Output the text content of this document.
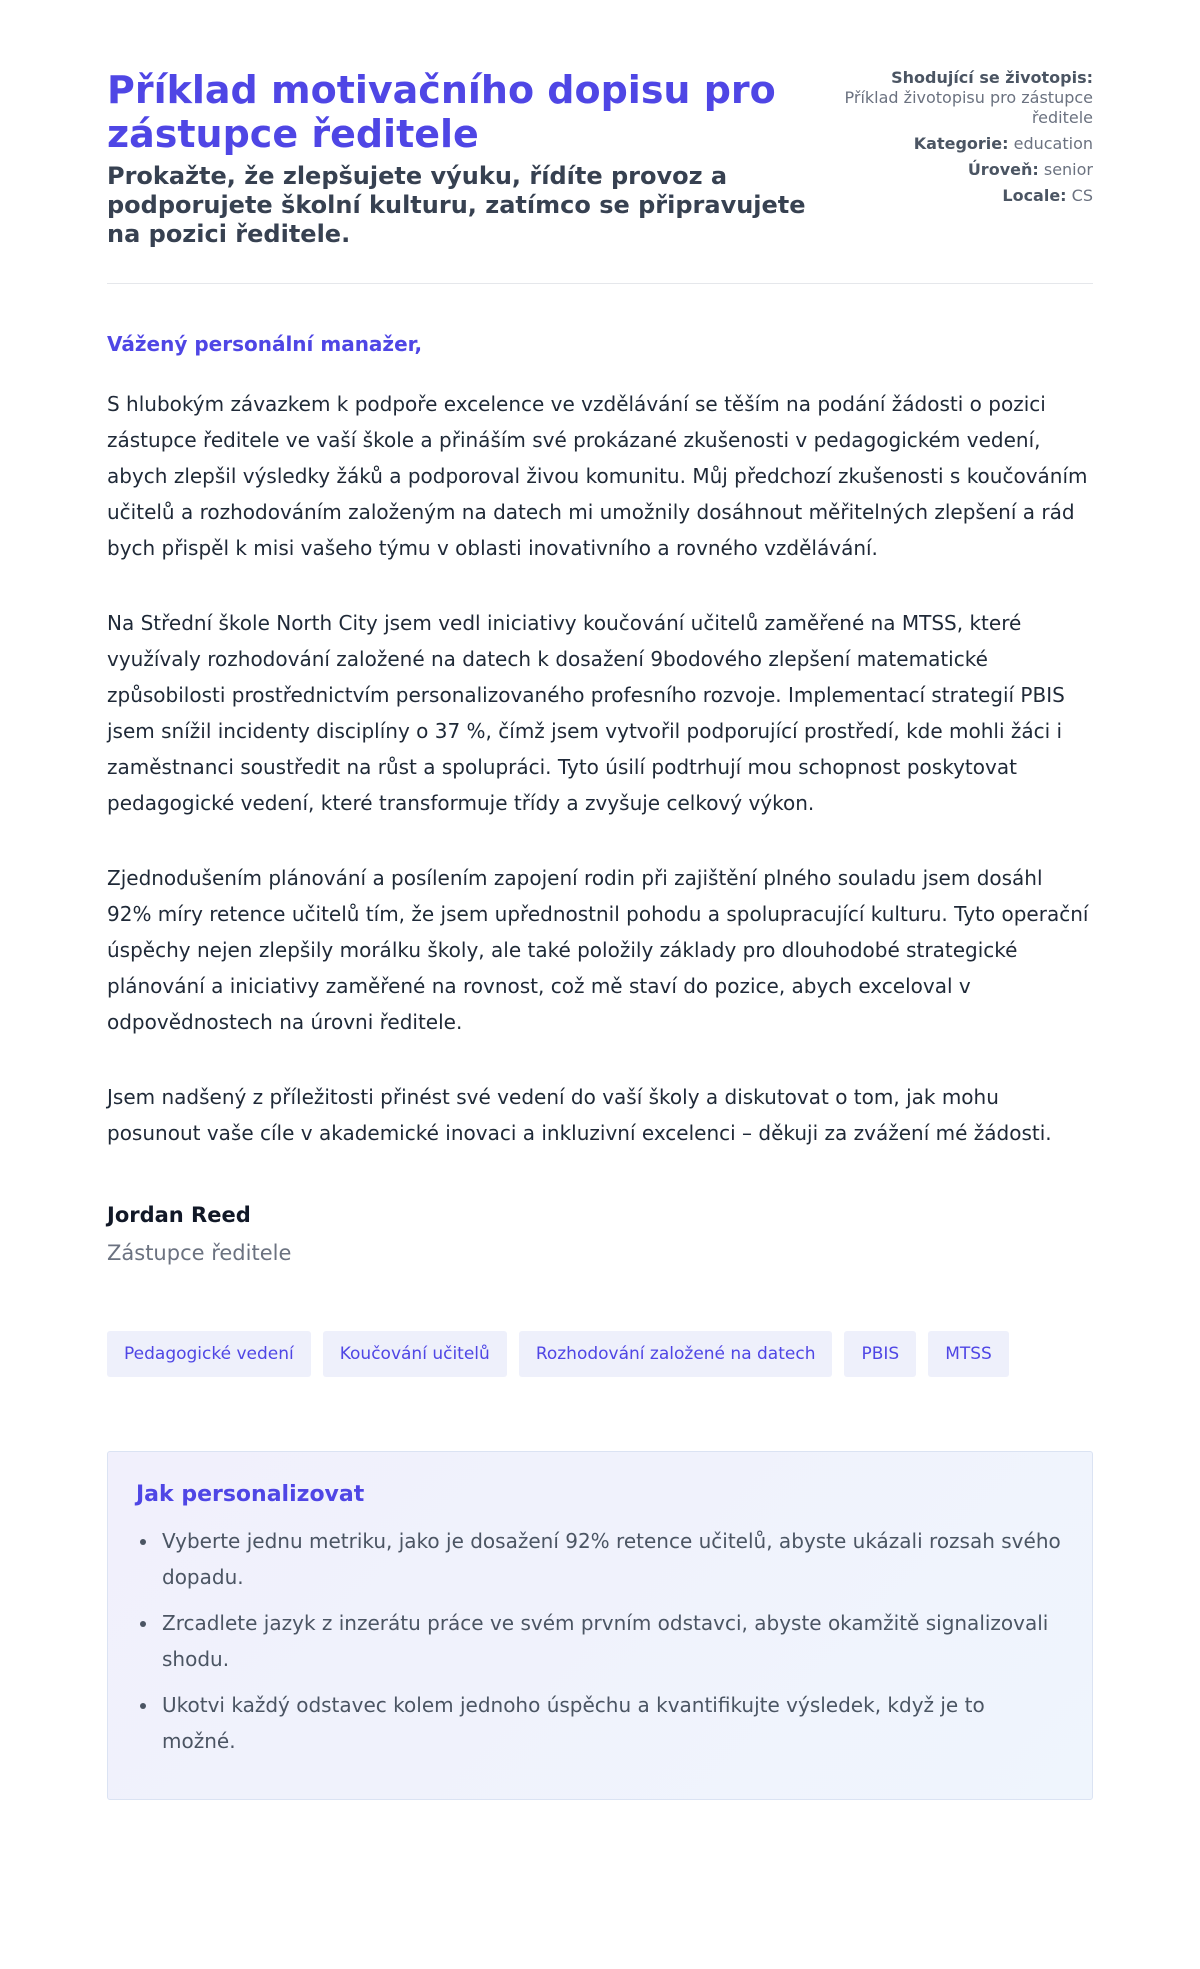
Příklad motivačního dopisu pro zástupce ředitele
Prokažte, že zlepšujete výuku, řídíte provoz a podporujete školní kulturu, zatímco se připravujete na pozici ředitele.
Shodující se životopis:
Příklad životopisu pro zástupce ředitele
Kategorie: education
Úroveň: senior
Locale: CS
Vážený personální manažer,

S hlubokým závazkem k podpoře excelence ve vzdělávání se těším na podání žádosti o pozici zástupce ředitele ve vaší škole a přináším své prokázané zkušenosti v pedagogickém vedení, abych zlepšil výsledky žáků a podporoval živou komunitu. Můj předchozí zkušenosti s koučováním učitelů a rozhodováním založeným na datech mi umožnily dosáhnout měřitelných zlepšení a rád bych přispěl k misi vašeho týmu v oblasti inovativního a rovného vzdělávání.

Na Střední škole North City jsem vedl iniciativy koučování učitelů zaměřené na MTSS, které využívaly rozhodování založené na datech k dosažení 9bodového zlepšení matematické způsobilosti prostřednictvím personalizovaného profesního rozvoje. Implementací strategií PBIS jsem snížil incidenty disciplíny o 37 %, čímž jsem vytvořil podporující prostředí, kde mohli žáci i zaměstnanci soustředit na růst a spolupráci. Tyto úsilí podtrhují mou schopnost poskytovat pedagogické vedení, které transformuje třídy a zvyšuje celkový výkon.

Zjednodušením plánování a posílením zapojení rodin při zajištění plného souladu jsem dosáhl 92% míry retence učitelů tím, že jsem upřednostnil pohodu a spolupracující kulturu. Tyto operační úspěchy nejen zlepšily morálku školy, ale také položily základy pro dlouhodobé strategické plánování a iniciativy zaměřené na rovnost, což mě staví do pozice, abych exceloval v odpovědnostech na úrovni ředitele.

Jsem nadšený z příležitosti přinést své vedení do vaší školy a diskutovat o tom, jak mohu posunout vaše cíle v akademické inovaci a inkluzivní excelenci – děkuji za zvážení mé žádosti.

Jordan Reed
Zástupce ředitele
Pedagogické vedení	Koučování učitelů	Rozhodování založené na datech	PBIS	MTSS
Jak personalizovat
Vyberte jednu metriku, jako je dosažení 92% retence učitelů, abyste ukázali rozsah svého dopadu.
Zrcadlete jazyk z inzerátu práce ve svém prvním odstavci, abyste okamžitě signalizovali shodu.
Ukotvi každý odstavec kolem jednoho úspěchu a kvantifikujte výsledek, když je to možné.
